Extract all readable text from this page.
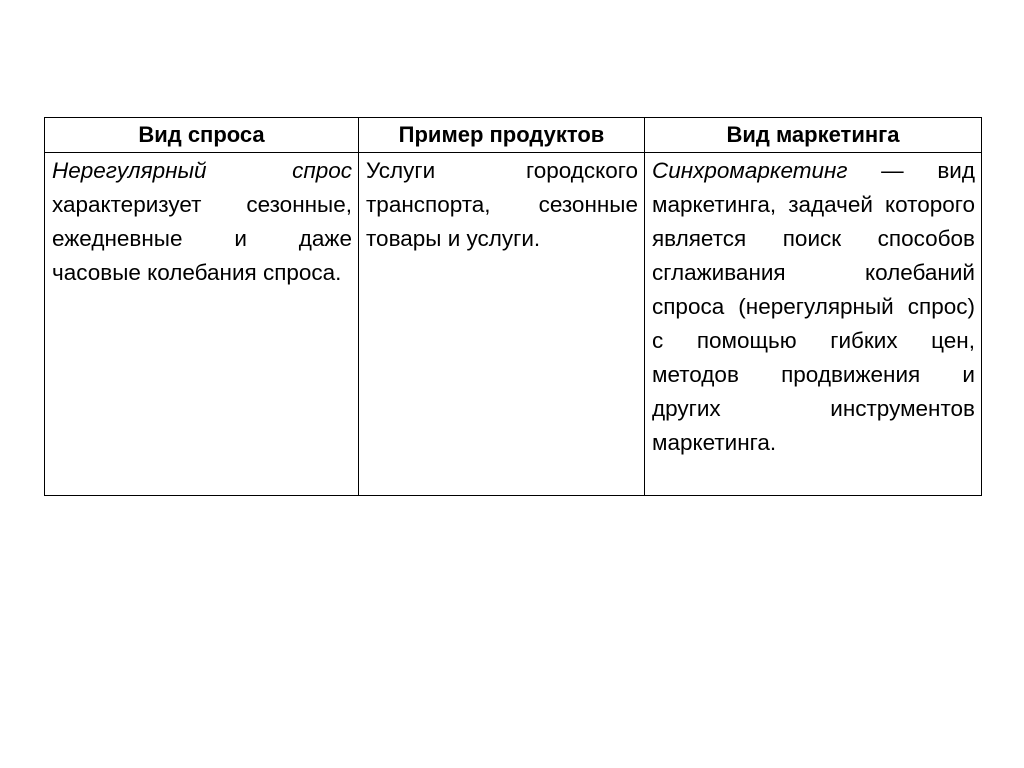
Вид спроса	Пример продуктов	Вид маркетинга
Нерегулярный спрос характеризует сезонные, ежедневные и даже часовые колебания спроса.	Услуги городского транспорта, сезонные товары и услуги.	Синхромаркетинг — вид маркетинга, задачей которого является поиск способов сглаживания колебаний спроса (нерегулярный спрос) с помощью гибких цен, методов продвижения и других инструментов маркетинга.
